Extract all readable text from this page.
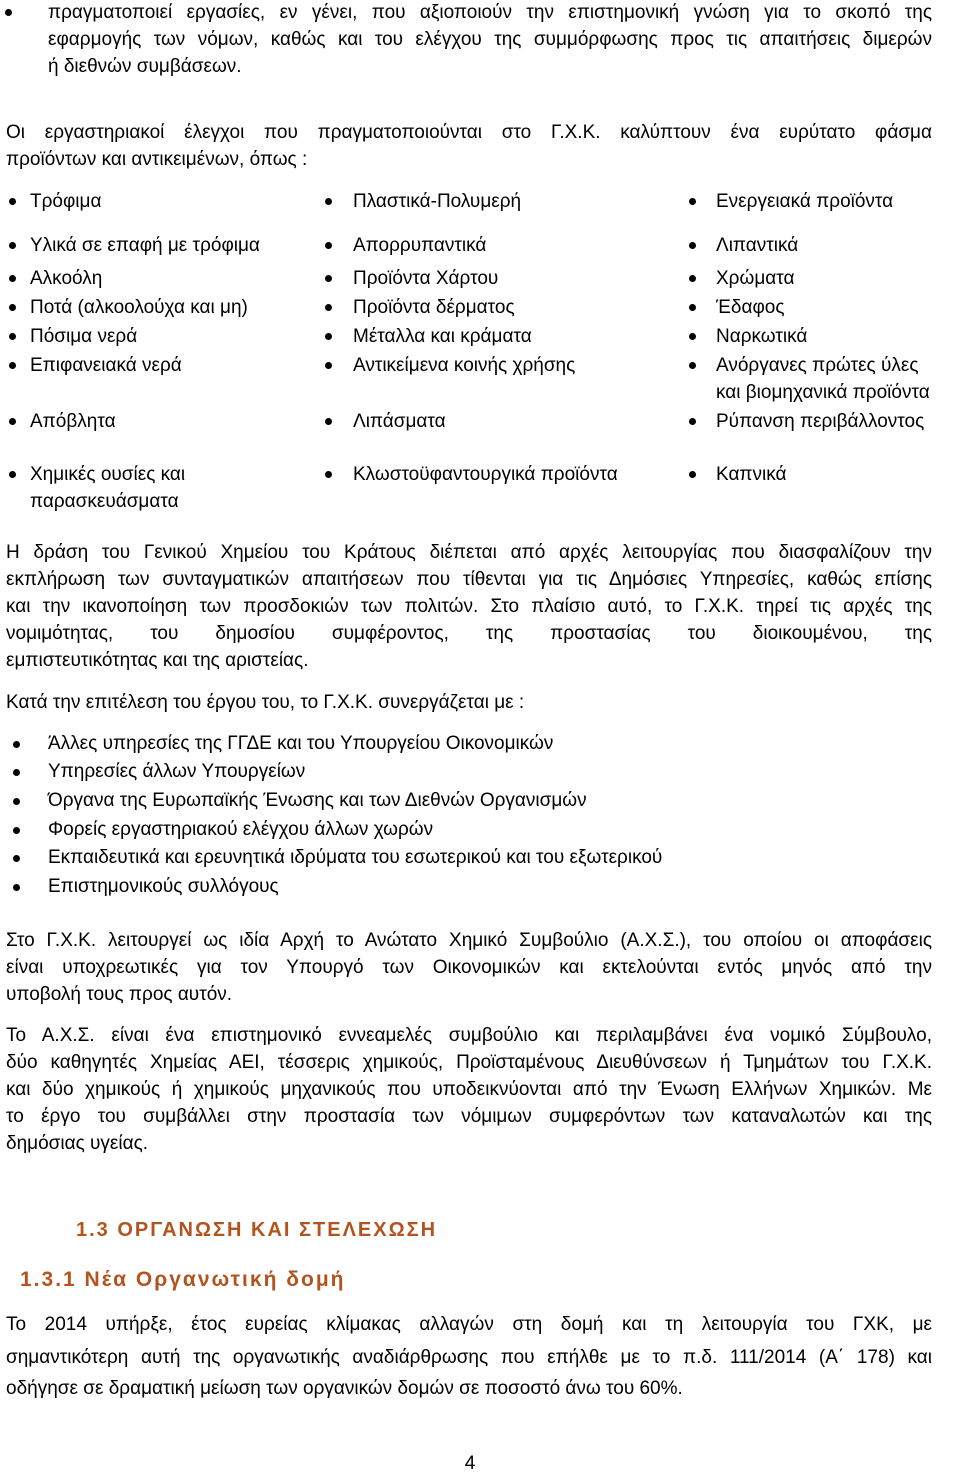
πραγματοποιεί εργασίες, εν γένει, που αξιοποιούν την επιστημονική γνώση για το σκοπό της
εφαρμογής των νόμων, καθώς και του ελέγχου της συμμόρφωσης προς τις απαιτήσεις διμερών
ή διεθνών συμβάσεων.
Οι εργαστηριακοί έλεγχοι που πραγματοποιούνται στο Γ.Χ.Κ. καλύπτουν ένα ευρύτατο φάσμα
προϊόντων και αντικειμένων, όπως :
Τρόφιμα
Υλικά σε επαφή με τρόφιμα
Αλκοόλη
Ποτά (αλκοολούχα και μη)
Πόσιμα νερά
Επιφανειακά νερά
Απόβλητα
Χημικές ουσίες και
παρασκευάσματα
Πλαστικά-Πολυμερή
Απορρυπαντικά
Προϊόντα Χάρτου
Προϊόντα δέρματος
Μέταλλα και κράματα
Αντικείμενα κοινής χρήσης
Λιπάσματα
Κλωστοϋφαντουργικά προϊόντα
Ενεργειακά προϊόντα
Λιπαντικά
Χρώματα
Έδαφος
Ναρκωτικά
Ανόργανες πρώτες ύλες
και βιομηχανικά προϊόντα
Ρύπανση περιβάλλοντος
Καπνικά
Η δράση του Γενικού Χημείου του Κράτους διέπεται από αρχές λειτουργίας που διασφαλίζουν την
εκπλήρωση των συνταγματικών απαιτήσεων που τίθενται για τις Δημόσιες Υπηρεσίες, καθώς επίσης
και την ικανοποίηση των προσδοκιών των πολιτών. Στο πλαίσιο αυτό, το Γ.Χ.Κ. τηρεί τις αρχές της
νομιμότητας, του δημοσίου συμφέροντος, της προστασίας του διοικουμένου, της
εμπιστευτικότητας και της αριστείας.
Κατά την επιτέλεση του έργου του, το Γ.Χ.Κ. συνεργάζεται με :
Άλλες υπηρεσίες της ΓΓΔΕ και του Υπουργείου Οικονομικών
Υπηρεσίες άλλων Υπουργείων
Όργανα της Ευρωπαϊκής Ένωσης και των Διεθνών Οργανισμών
Φορείς εργαστηριακού ελέγχου άλλων χωρών
Εκπαιδευτικά και ερευνητικά ιδρύματα του εσωτερικού και του εξωτερικού
Επιστημονικούς συλλόγους
Στο Γ.Χ.Κ. λειτουργεί ως ιδία Αρχή το Ανώτατο Χημικό Συμβούλιο (Α.Χ.Σ.), του οποίου οι αποφάσεις
είναι υποχρεωτικές για τον Υπουργό των Οικονομικών και εκτελούνται εντός μηνός από την
υποβολή τους προς αυτόν.
Το Α.Χ.Σ. είναι ένα επιστημονικό εννεαμελές συμβούλιο και περιλαμβάνει ένα νομικό Σύμβουλο,
δύο καθηγητές Χημείας ΑΕΙ, τέσσερις χημικούς, Προϊσταμένους Διευθύνσεων ή Τμημάτων του Γ.Χ.Κ.
και δύο χημικούς ή χημικούς μηχανικούς που υποδεικνύονται από την Ένωση Ελλήνων Χημικών. Με
το έργο του συμβάλλει στην προστασία των νόμιμων συμφερόντων των καταναλωτών και της
δημόσιας υγείας.
1.3 ΟΡΓΑΝΩΣΗ ΚΑΙ ΣΤΕΛΕΧΩΣΗ
1.3.1 Νέα Οργανωτική δομή
Το 2014 υπήρξε, έτος ευρείας κλίμακας αλλαγών στη δομή και τη λειτουργία του ΓΧΚ, με
σημαντικότερη αυτή της οργανωτικής αναδιάρθρωσης που επήλθε με το π.δ. 111/2014 (Α΄ 178) και
οδήγησε σε δραματική μείωση των οργανικών δομών σε ποσοστό άνω του 60%.
4
